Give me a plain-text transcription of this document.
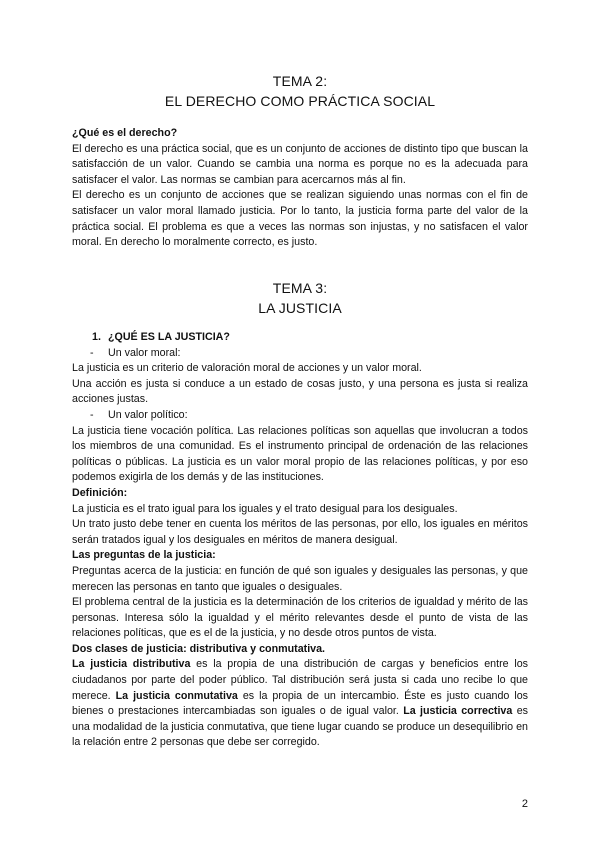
TEMA 2:
EL DERECHO COMO PRÁCTICA SOCIAL

¿Qué es el derecho?

El derecho es una práctica social, que es un conjunto de acciones de distinto tipo que buscan la satisfacción de un valor. Cuando se cambia una norma es porque no es la adecuada para satisfacer el valor. Las normas se cambian para acercarnos más al fin.

El derecho es un conjunto de acciones que se realizan siguiendo unas normas con el fin de satisfacer un valor moral llamado justicia. Por lo tanto, la justicia forma parte del valor de la práctica social. El problema es que a veces las normas son injustas, y no satisfacen el valor moral. En derecho lo moralmente correcto, es justo.

TEMA 3:
LA JUSTICIA

1. ¿QUÉ ES LA JUSTICIA?

- Un valor moral:

La justicia es un criterio de valoración moral de acciones y un valor moral.

Una acción es justa si conduce a un estado de cosas justo, y una persona es justa si realiza acciones justas.

- Un valor político:

La justicia tiene vocación política. Las relaciones políticas son aquellas que involucran a todos los miembros de una comunidad. Es el instrumento principal de ordenación de las relaciones políticas o públicas. La justicia es un valor moral propio de las relaciones políticas, y por eso podemos exigirla de los demás y de las instituciones.

Definición:

La justicia es el trato igual para los iguales y el trato desigual para los desiguales.

Un trato justo debe tener en cuenta los méritos de las personas, por ello, los iguales en méritos serán tratados igual y los desiguales en méritos de manera desigual.

Las preguntas de la justicia:

Preguntas acerca de la justicia: en función de qué son iguales y desiguales las personas, y que merecen las personas en tanto que iguales o desiguales.

El problema central de la justicia es la determinación de los criterios de igualdad y mérito de las personas. Interesa sólo la igualdad y el mérito relevantes desde el punto de vista de las relaciones políticas, que es el de la justicia, y no desde otros puntos de vista.

Dos clases de justicia: distributiva y conmutativa.

La justicia distributiva es la propia de una distribución de cargas y beneficios entre los ciudadanos por parte del poder público. Tal distribución será justa si cada uno recibe lo que merece. La justicia conmutativa es la propia de un intercambio. Éste es justo cuando los bienes o prestaciones intercambiadas son iguales o de igual valor. La justicia correctiva es una modalidad de la justicia conmutativa, que tiene lugar cuando se produce un desequilibrio en la relación entre 2 personas que debe ser corregido.

2
